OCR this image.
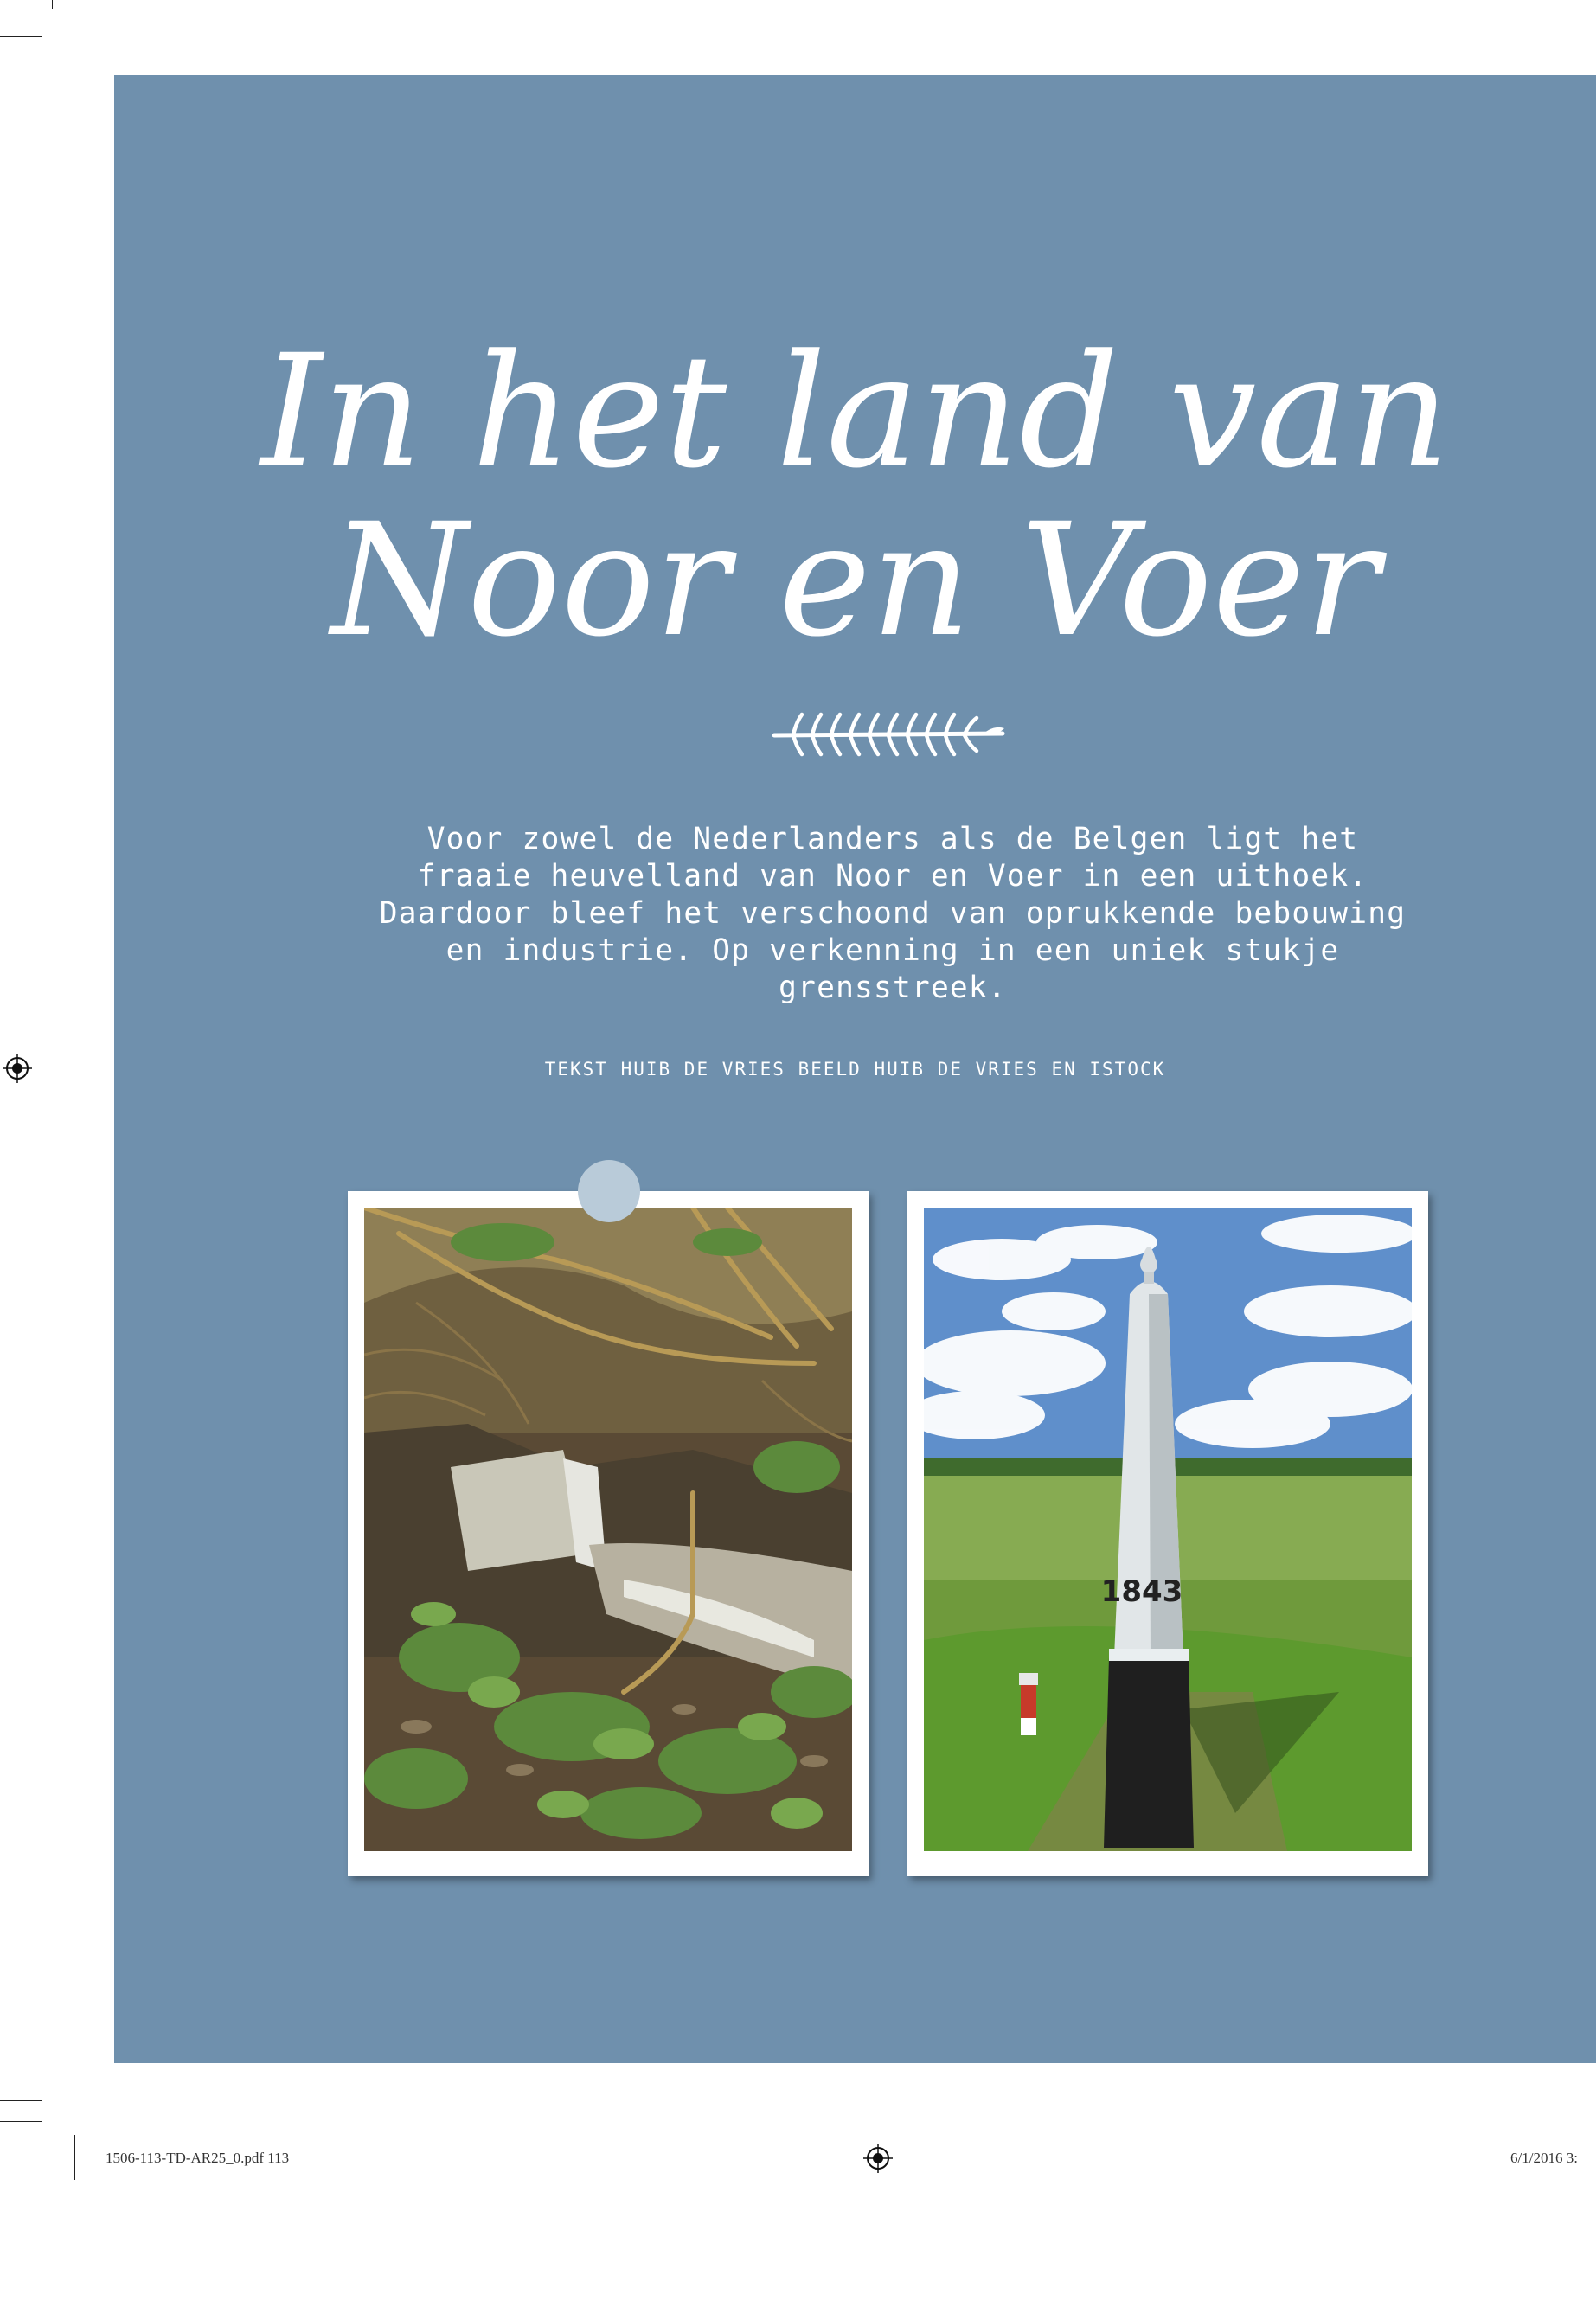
In het land van
Noor en Voer

Voor zowel de Nederlanders als de Belgen ligt het
fraaie heuvelland van Noor en Voer in een uithoek.
Daardoor bleef het verschoond van oprukkende bebouwing
en industrie. Op verkenning in een uniek stukje
grensstreek.

TEKST HUIB DE VRIES BEELD HUIB DE VRIES EN ISTOCK
1843
1506-113-TD-AR25_0.pdf 113	6/1/2016 3:
